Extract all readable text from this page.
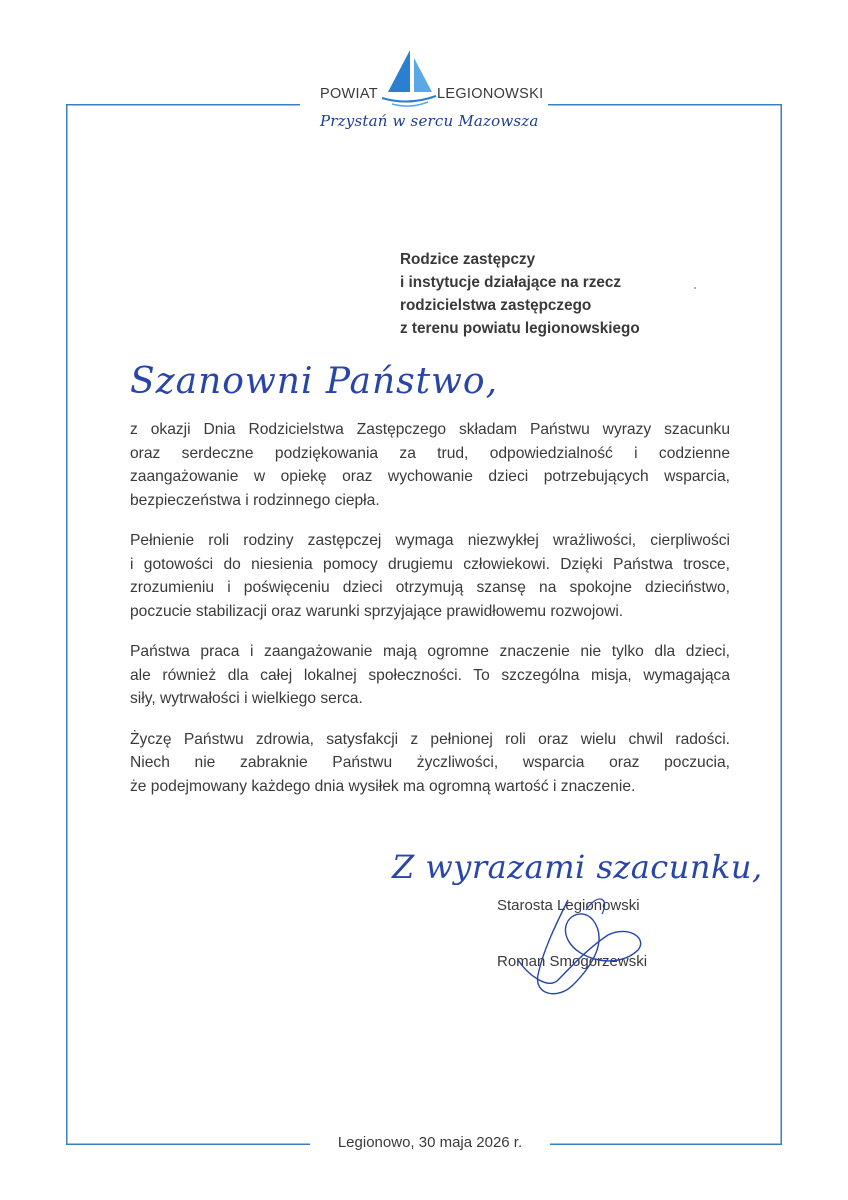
POWIAT	LEGIONOWSKI
Przystań w sercu Mazowsza
Rodzice zastępczy
i instytucje działające na rzecz
rodzicielstwa zastępczego
z terenu powiatu legionowskiego
Szanowni Państwo,
z okazji Dnia Rodzicielstwa Zastępczego składam Państwu wyrazy szacunku
oraz serdeczne podziękowania za trud, odpowiedzialność i codzienne
zaangażowanie w opiekę oraz wychowanie dzieci potrzebujących wsparcia,
bezpieczeństwa i rodzinnego ciepła.
Pełnienie roli rodziny zastępczej wymaga niezwykłej wrażliwości, cierpliwości
i gotowości do niesienia pomocy drugiemu człowiekowi. Dzięki Państwa trosce,
zrozumieniu i poświęceniu dzieci otrzymują szansę na spokojne dzieciństwo,
poczucie stabilizacji oraz warunki sprzyjające prawidłowemu rozwojowi.
Państwa praca i zaangażowanie mają ogromne znaczenie nie tylko dla dzieci,
ale również dla całej lokalnej społeczności. To szczególna misja, wymagająca
siły, wytrwałości i wielkiego serca.
Życzę Państwu zdrowia, satysfakcji z pełnionej roli oraz wielu chwil radości.
Niech nie zabraknie Państwu życzliwości, wsparcia oraz poczucia,
że podejmowany każdego dnia wysiłek ma ogromną wartość i znaczenie.
Z wyrazami szacunku,
Starosta Legionowski
Roman Smogorzewski
Legionowo, 30 maja 2026 r.
